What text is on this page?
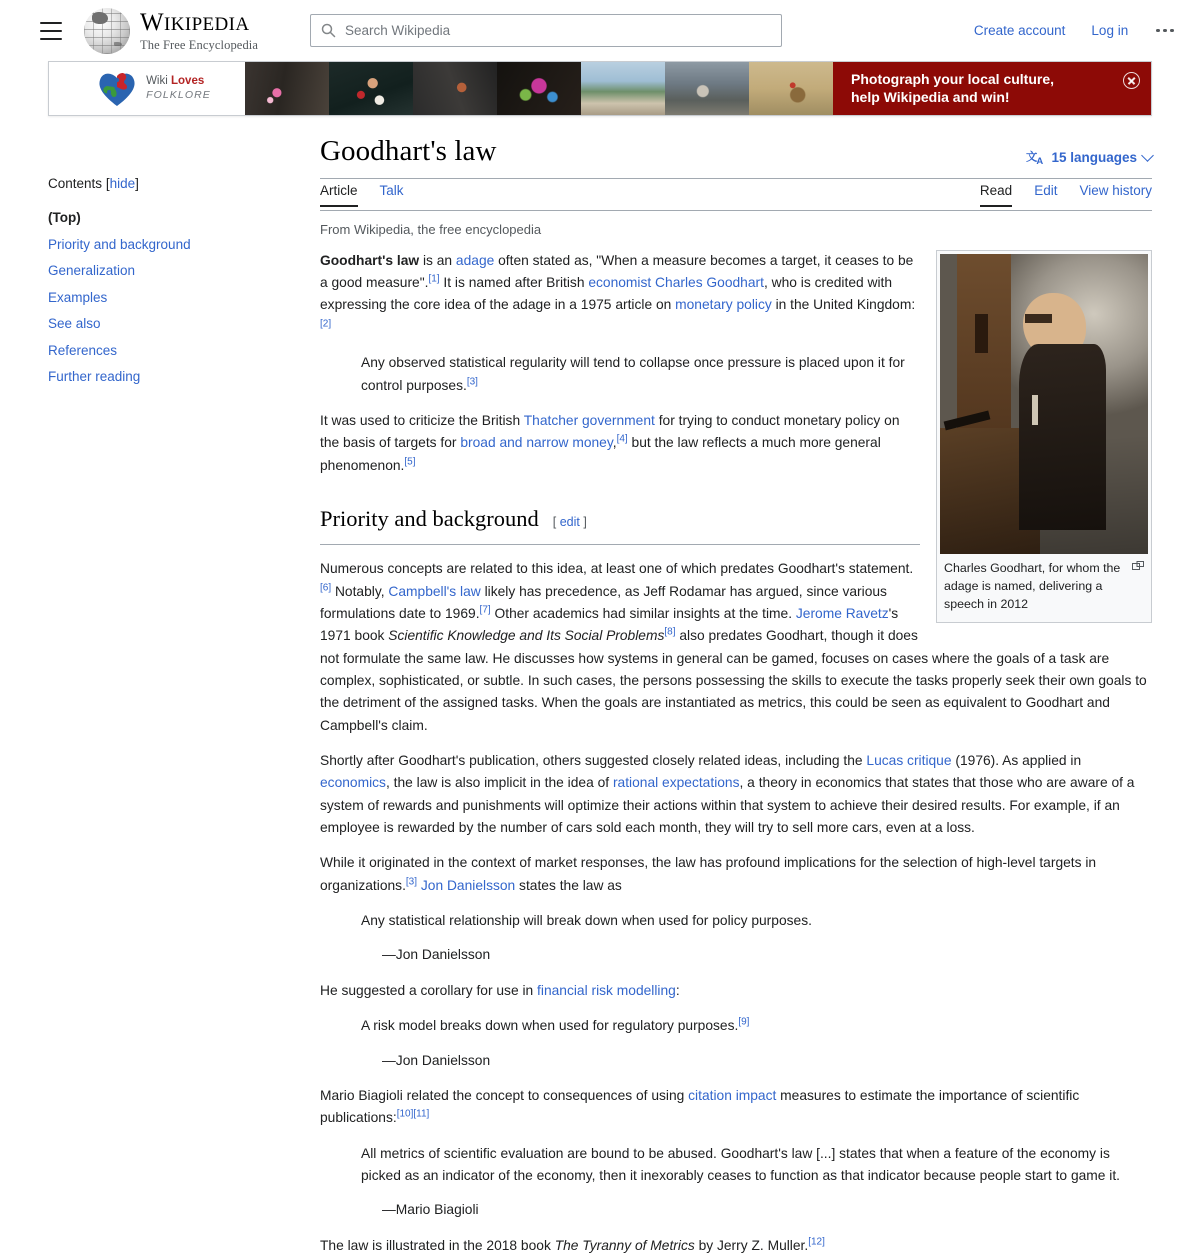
WIKIPEDIA
The Free Encyclopedia
Search Wikipedia	Create account Log in
Wiki Loves
FOLKLORE
Photograph your local culture,
help Wikipedia and win!
Contents [hide]
(Top)
Priority and background
Generalization
Examples
See also
References
Further reading
Goodhart's law	文 A 15 languages
Article Talk	Read Edit View history
From Wikipedia, the free encyclopedia
Charles Goodhart, for whom the adage is named, delivering a speech in 2012

Goodhart's law is an adage often stated as, "When a measure becomes a target, it ceases to be a good measure".[1] It is named after British economist Charles Goodhart, who is credited with expressing the core idea of the adage in a 1975 article on monetary policy in the United Kingdom:[2]

Any observed statistical regularity will tend to collapse once pressure is placed upon it for control purposes.[3]

It was used to criticize the British Thatcher government for trying to conduct monetary policy on the basis of targets for broad and narrow money,[4] but the law reflects a much more general phenomenon.[5]

Priority and background [ edit ]

Numerous concepts are related to this idea, at least one of which predates Goodhart's statement.[6] Notably, Campbell's law likely has precedence, as Jeff Rodamar has argued, since various formulations date to 1969.[7] Other academics had similar insights at the time. Jerome Ravetz's 1971 book Scientific Knowledge and Its Social Problems[8] also predates Goodhart, though it does not formulate the same law. He discusses how systems in general can be gamed, focuses on cases where the goals of a task are complex, sophisticated, or subtle. In such cases, the persons possessing the skills to execute the tasks properly seek their own goals to the detriment of the assigned tasks. When the goals are instantiated as metrics, this could be seen as equivalent to Goodhart and Campbell's claim.

Shortly after Goodhart's publication, others suggested closely related ideas, including the Lucas critique (1976). As applied in economics, the law is also implicit in the idea of rational expectations, a theory in economics that states that those who are aware of a system of rewards and punishments will optimize their actions within that system to achieve their desired results. For example, if an employee is rewarded by the number of cars sold each month, they will try to sell more cars, even at a loss.

While it originated in the context of market responses, the law has profound implications for the selection of high-level targets in organizations.[3] Jon Danielsson states the law as

Any statistical relationship will break down when used for policy purposes.
—Jon Danielsson

He suggested a corollary for use in financial risk modelling:

A risk model breaks down when used for regulatory purposes.[9]
—Jon Danielsson

Mario Biagioli related the concept to consequences of using citation impact measures to estimate the importance of scientific publications:[10][11]

All metrics of scientific evaluation are bound to be abused. Goodhart's law [...] states that when a feature of the economy is picked as an indicator of the economy, then it inexorably ceases to function as that indicator because people start to game it.
—Mario Biagioli

The law is illustrated in the 2018 book The Tyranny of Metrics by Jerry Z. Muller.[12]
